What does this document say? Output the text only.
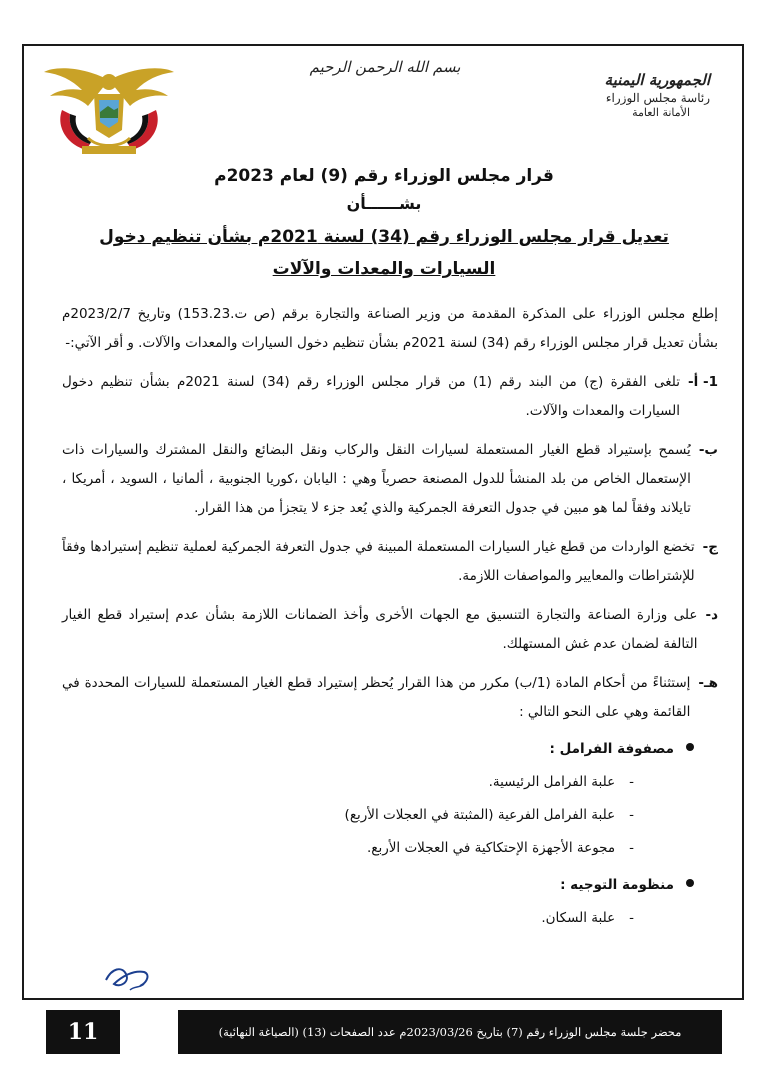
بسم الله الرحمن الرحيم
الجمهورية اليمنية
رئاسة مجلس الوزراء
الأمانة العامة
قرار مجلس الوزراء رقم (9) لعام 2023م
بشــــــأن
تعديل قرار مجلس الوزراء رقم (34) لسنة 2021م بشأن تنظيم دخول السيارات والمعدات والآلات

إطلع مجلس الوزراء على المذكرة المقدمة من وزير الصناعة والتجارة برقم (ص ت.153.23) وتاريخ 2023/2/7م بشأن تعديل قرار مجلس الوزراء رقم (34) لسنة 2021م بشأن تنظيم دخول السيارات والمعدات والآلات. و أقر الآتي:-

1- أ-
تلغى الفقرة (ج) من البند رقم (1) من قرار مجلس الوزراء رقم (34) لسنة 2021م بشأن تنظيم دخول السيارات والمعدات والآلات.
ب-
يُسمح بإستيراد قطع الغيار المستعملة لسيارات النقل والركاب ونقل البضائع والنقل المشترك والسيارات ذات الإستعمال الخاص من بلد المنشأ للدول المصنعة حصرياً وهي : اليابان ،كوريا الجنوبية ، ألمانيا ، السويد ، أمريكا ، تايلاند وفقاً لما هو مبين في جدول التعرفة الجمركية والذي يُعد جزء لا يتجزأ من هذا القرار.
ج-
تخضع الواردات من قطع غيار السيارات المستعملة المبينة في جدول التعرفة الجمركية لعملية تنظيم إستيرادها وفقاً للإشتراطات والمعايير والمواصفات اللازمة.
د-
على وزارة الصناعة والتجارة التنسيق مع الجهات الأخرى وأخذ الضمانات اللازمة بشأن عدم إستيراد قطع الغيار التالفة لضمان عدم غش المستهلك.
هـ-
إستثناءً من أحكام المادة (1/ب) مكرر من هذا القرار يُحظر إستيراد قطع الغيار المستعملة للسيارات المحددة في القائمة وهي على النحو التالي :
مصفوفة الفرامل :
-علبة الفرامل الرئيسية.
-علبة الفرامل الفرعية (المثبتة في العجلات الأربع)
-مجوعة الأجهزة الإحتكاكية في العجلات الأربع.
منظومة التوجيه :
-علبة السكان.
11	محضر جلسة مجلس الوزراء رقم (7) بتاريخ 2023/03/26م عدد الصفحات (13) (الصياغة النهائية)
